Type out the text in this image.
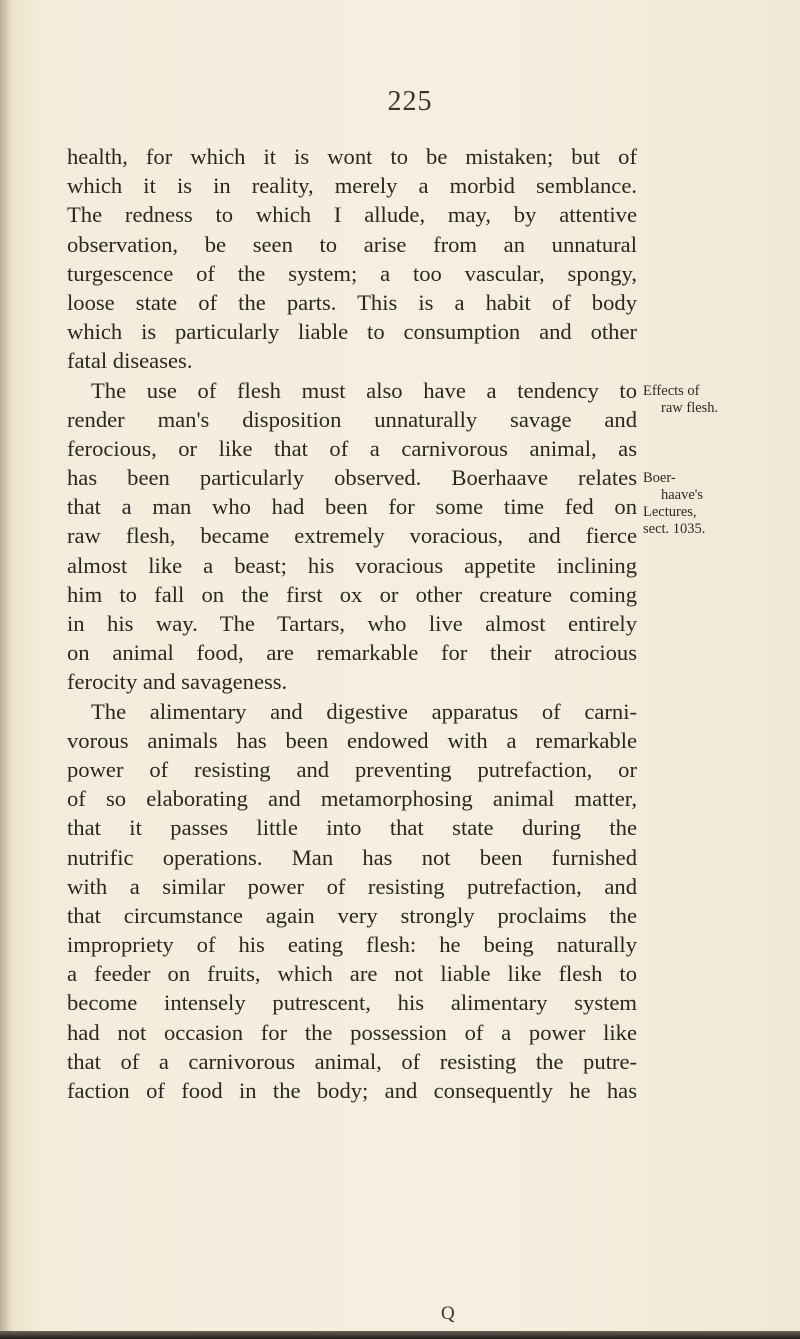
225
health, for which it is wont to be mistaken; but of
which it is in reality, merely a morbid semblance.
The redness to which I allude, may, by attentive
observation, be seen to arise from an unnatural
turgescence of the system; a too vascular, spongy,
loose state of the parts. This is a habit of body
which is particularly liable to consumption and other
fatal diseases.
The use of flesh must also have a tendency to
render man's disposition unnaturally savage and
ferocious, or like that of a carnivorous animal, as
has been particularly observed. Boerhaave relates
that a man who had been for some time fed on
raw flesh, became extremely voracious, and fierce
almost like a beast; his voracious appetite inclining
him to fall on the first ox or other creature coming
in his way. The Tartars, who live almost entirely
on animal food, are remarkable for their atrocious
ferocity and savageness.
The alimentary and digestive apparatus of carni-
vorous animals has been endowed with a remarkable
power of resisting and preventing putrefaction, or
of so elaborating and metamorphosing animal matter,
that it passes little into that state during the
nutrific operations. Man has not been furnished
with a similar power of resisting putrefaction, and
that circumstance again very strongly proclaims the
impropriety of his eating flesh: he being naturally
a feeder on fruits, which are not liable like flesh to
become intensely putrescent, his alimentary system
had not occasion for the possession of a power like
that of a carnivorous animal, of resisting the putre-
faction of food in the body; and consequently he has
Effects of
raw flesh.
Boer-
haave's
Lectures,
sect. 1035.
Q
